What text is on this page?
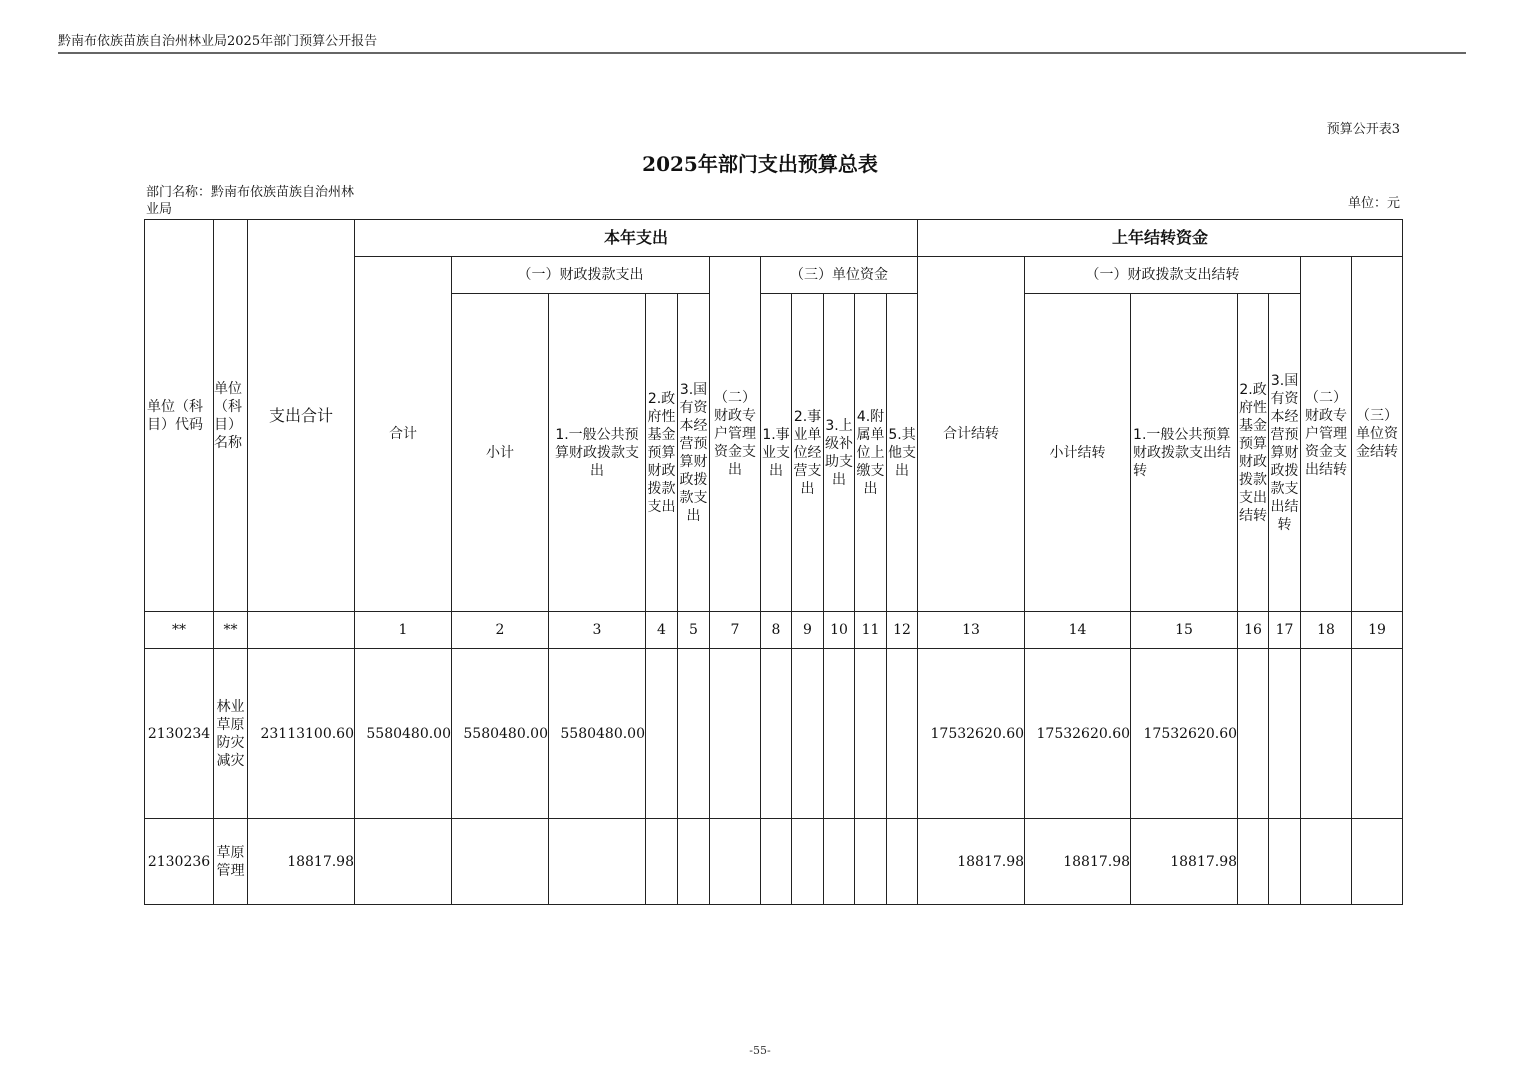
黔南布依族苗族自治州林业局2025年部门预算公开报告
预算公开表3
2025年部门支出预算总表
部门名称：黔南布依族苗族自治州林业局	单位：元
单位（科目）代码	单位（科目）名称	支出合计	本年支出											上年结转资金						
			合计	（一）财政拨款支出				（二）财政专户管理资金支出	（三）单位资金					合计结转	（一）财政拨款支出结转				（二）财政专户管理资金支出结转	（三）单位资金结转
				小计	1.一般公共预算财政拨款支出	2.政府性基金预算财政拨款支出	3.国有资本经营预算财政拨款支出		1.事业支出	2.事业单位经营支出	3.上级补助支出	4.附属单位上缴支出	5.其他支出		小计结转	1.一般公共预算财政拨款支出结转	2.政府性基金预算财政拨款支出结转	3.国有资本经营预算财政拨款支出结转		
**	**		1	2	3	4	5	7	8	9	10	11	12	13	14	15	16	17	18	19
2130234	林业草原防灾减灾	23113100.60	5580480.00	5580480.00	5580480.00									17532620.60	17532620.60	17532620.60				
2130236	草原管理	18817.98												18817.98	18817.98	18817.98				
-55-
